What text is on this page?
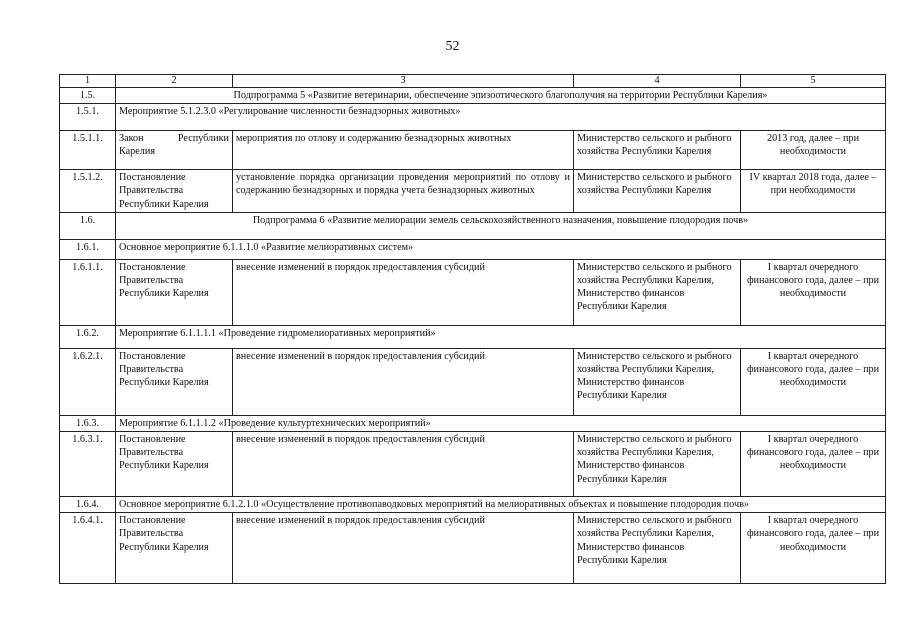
52
1	2	3	4	5
1.5.	Подпрограмма 5 «Развитие ветеринарии, обеспечение эпизоотического благополучия на территории Республики Карелия»			
1.5.1.	Мероприятие 5.1.2.3.0 «Регулирование численности безнадзорных животных»			
1.5.1.1.	Закон Республики Карелия	мероприятия по отлову и содержанию безнадзорных животных	Министерство сельского и рыбного хозяйства Республики Карелия	2013 год, далее – при необходимости
1.5.1.2.	Постановление Правительства Республики Карелия	установление порядка организации проведения мероприятий по отлову и содержанию безнадзорных и порядка учета безнадзорных животных	Министерство сельского и рыбного хозяйства Республики Карелия	IV квартал 2018 года, далее – при необходимости
1.6.	Подпрограмма 6 «Развитие мелиорации земель сельскохозяйственного назначения, повышение плодородия почв»			
1.6.1.	Основное мероприятие 6.1.1.1.0 «Развитие мелиоративных систем»			
1.6.1.1.	Постановление Правительства Республики Карелия	внесение изменений в порядок предоставления субсидий	Министерство сельского и рыбного хозяйства Республики Карелия, Министерство финансов Республики Карелия	I квартал очередного финансового года, далее – при необходимости
1.6.2.	Мероприятие 6.1.1.1.1 «Проведение гидромелиоративных мероприятий»			
1.6.2.1.	Постановление Правительства Республики Карелия	внесение изменений в порядок предоставления субсидий	Министерство сельского и рыбного хозяйства Республики Карелия, Министерство финансов Республики Карелия	I квартал очередного финансового года, далее – при необходимости
1.6.3.	Мероприятие 6.1.1.1.2 «Проведение культуртехнических мероприятий»			
1.6.3.1.	Постановление Правительства Республики Карелия	внесение изменений в порядок предоставления субсидий	Министерство сельского и рыбного хозяйства Республики Карелия, Министерство финансов Республики Карелия	I квартал очередного финансового года, далее – при необходимости
1.6.4.	Основное мероприятие 6.1.2.1.0 «Осуществление противопаводковых мероприятий на мелиоративных объектах и повышение плодородия почв»			
1.6.4.1.	Постановление Правительства Республики Карелия	внесение изменений в порядок предоставления субсидий	Министерство сельского и рыбного хозяйства Республики Карелия, Министерство финансов Республики Карелия	I квартал очередного финансового года, далее – при необходимости
